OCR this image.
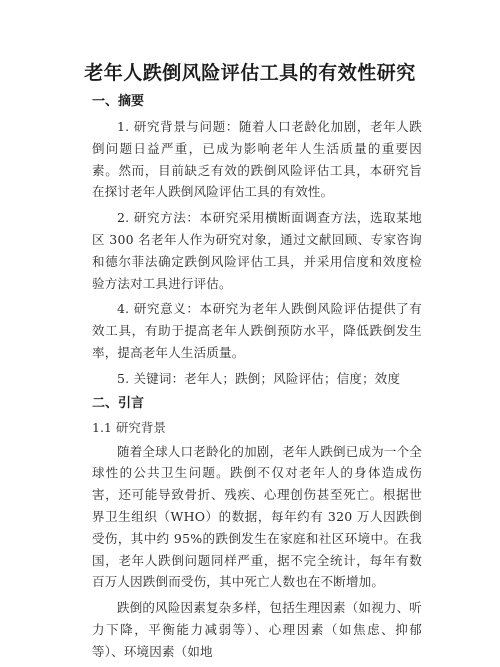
老年人跌倒风险评估工具的有效性研究
一、摘要

1. 研究背景与问题：随着人口老龄化加剧，老年人跌倒问题日益严重，已成为影响老年人生活质量的重要因素。然而，目前缺乏有效的跌倒风险评估工具，本研究旨在探讨老年人跌倒风险评估工具的有效性。

2. 研究方法：本研究采用横断面调查方法，选取某地区 300 名老年人作为研究对象，通过文献回顾、专家咨询和德尔菲法确定跌倒风险评估工具，并采用信度和效度检验方法对工具进行评估。

4. 研究意义：本研究为老年人跌倒风险评估提供了有效工具，有助于提高老年人跌倒预防水平，降低跌倒发生率，提高老年人生活质量。

5. 关键词：老年人；跌倒；风险评估；信度；效度

二、引言
1.1 研究背景

随着全球人口老龄化的加剧，老年人跌倒已成为一个全球性的公共卫生问题。跌倒不仅对老年人的身体造成伤害，还可能导致骨折、残疾、心理创伤甚至死亡。根据世界卫生组织（WHO）的数据，每年约有 320 万人因跌倒受伤，其中约 95%的跌倒发生在家庭和社区环境中。在我国，老年人跌倒问题同样严重，据不完全统计，每年有数百万人因跌倒而受伤，其中死亡人数也在不断增加。

跌倒的风险因素复杂多样，包括生理因素（如视力、听力下降，平衡能力减弱等）、心理因素（如焦虑、抑郁等）、环境因素（如地
